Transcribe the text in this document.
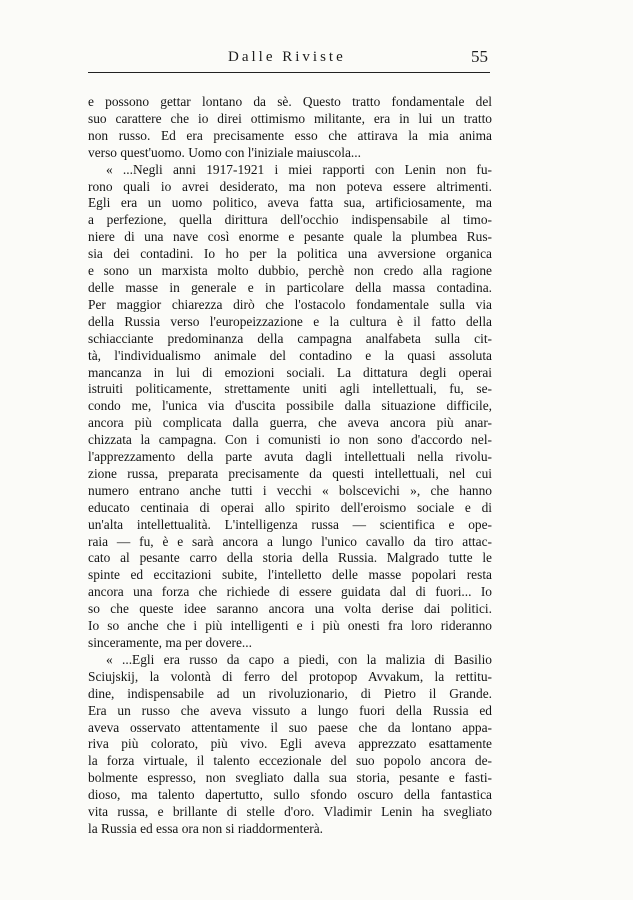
Dalle Riviste	55

e possono gettar lontano da sè. Questo tratto fondamentale del
suo carattere che io direi ottimismo militante, era in lui un tratto
non russo. Ed era precisamente esso che attirava la mia anima
verso quest'uomo. Uomo con l'iniziale maiuscola...

« ...Negli anni 1917-1921 i miei rapporti con Lenin non fu-
rono quali io avrei desiderato, ma non poteva essere altrimenti.
Egli era un uomo politico, aveva fatta sua, artificiosamente, ma
a perfezione, quella dirittura dell'occhio indispensabile al timo-
niere di una nave così enorme e pesante quale la plumbea Rus-
sia dei contadini. Io ho per la politica una avversione organica
e sono un marxista molto dubbio, perchè non credo alla ragione
delle masse in generale e in particolare della massa contadina.
Per maggior chiarezza dirò che l'ostacolo fondamentale sulla via
della Russia verso l'europeizzazione e la cultura è il fatto della
schiacciante predominanza della campagna analfabeta sulla cit-
tà, l'individualismo animale del contadino e la quasi assoluta
mancanza in lui di emozioni sociali. La dittatura degli operai
istruiti politicamente, strettamente uniti agli intellettuali, fu, se-
condo me, l'unica via d'uscita possibile dalla situazione difficile,
ancora più complicata dalla guerra, che aveva ancora più anar-
chizzata la campagna. Con i comunisti io non sono d'accordo nel-
l'apprezzamento della parte avuta dagli intellettuali nella rivolu-
zione russa, preparata precisamente da questi intellettuali, nel cui
numero entrano anche tutti i vecchi « bolscevichi », che hanno
educato centinaia di operai allo spirito dell'eroismo sociale e di
un'alta intellettualità. L'intelligenza russa — scientifica e ope-
raia — fu, è e sarà ancora a lungo l'unico cavallo da tiro attac-
cato al pesante carro della storia della Russia. Malgrado tutte le
spinte ed eccitazioni subite, l'intelletto delle masse popolari resta
ancora una forza che richiede di essere guidata dal di fuori... Io
so che queste idee saranno ancora una volta derise dai politici.
Io so anche che i più intelligenti e i più onesti fra loro rideranno
sinceramente, ma per dovere...

« ...Egli era russo da capo a piedi, con la malizia di Basilio
Sciujskij, la volontà di ferro del protopop Avvakum, la rettitu-
dine, indispensabile ad un rivoluzionario, di Pietro il Grande.
Era un russo che aveva vissuto a lungo fuori della Russia ed
aveva osservato attentamente il suo paese che da lontano appa-
riva più colorato, più vivo. Egli aveva apprezzato esattamente
la forza virtuale, il talento eccezionale del suo popolo ancora de-
bolmente espresso, non svegliato dalla sua storia, pesante e fasti-
dioso, ma talento dapertutto, sullo sfondo oscuro della fantastica
vita russa, e brillante di stelle d'oro. Vladimir Lenin ha svegliato
la Russia ed essa ora non si riaddormenterà.
